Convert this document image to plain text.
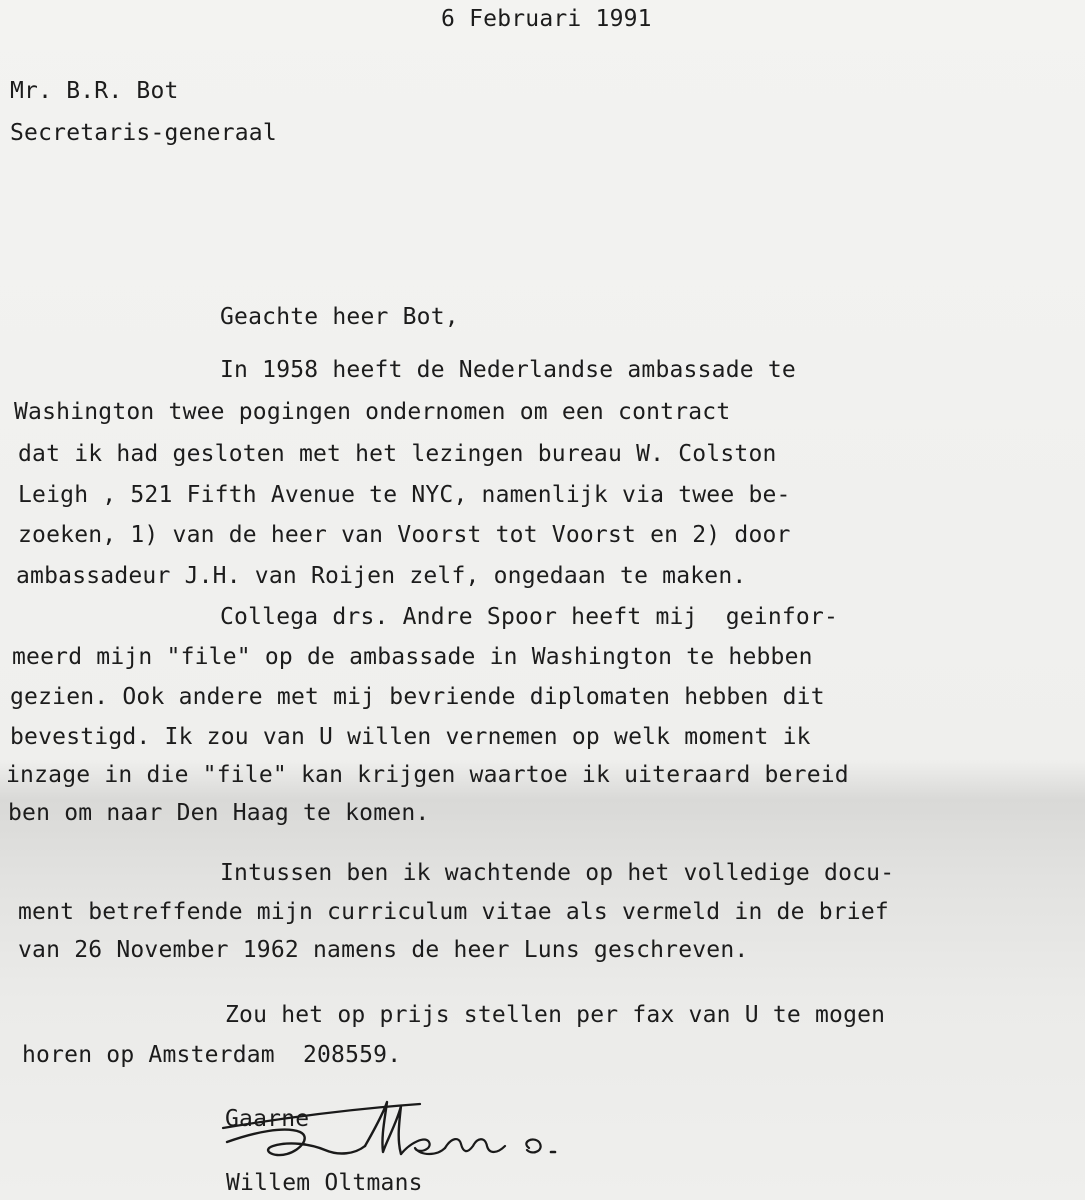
6 Februari 1991
Mr. B.R. Bot
Secretaris-generaal
Geachte heer Bot,
In 1958 heeft de Nederlandse ambassade te
Washington twee pogingen ondernomen om een contract
dat ik had gesloten met het lezingen bureau W. Colston
Leigh , 521 Fifth Avenue te NYC, namenlijk via twee be-
zoeken, 1) van de heer van Voorst tot Voorst en 2) door
ambassadeur J.H. van Roijen zelf, ongedaan te maken.
Collega drs. Andre Spoor heeft mij  geinfor-
meerd mijn "file" op de ambassade in Washington te hebben
gezien. Ook andere met mij bevriende diplomaten hebben dit
bevestigd. Ik zou van U willen vernemen op welk moment ik
inzage in die "file" kan krijgen waartoe ik uiteraard bereid
ben om naar Den Haag te komen.
Intussen ben ik wachtende op het volledige docu-
ment betreffende mijn curriculum vitae als vermeld in de brief
van 26 November 1962 namens de heer Luns geschreven.
Zou het op prijs stellen per fax van U te mogen
horen op Amsterdam  208559.
Gaarne
Willem Oltmans
